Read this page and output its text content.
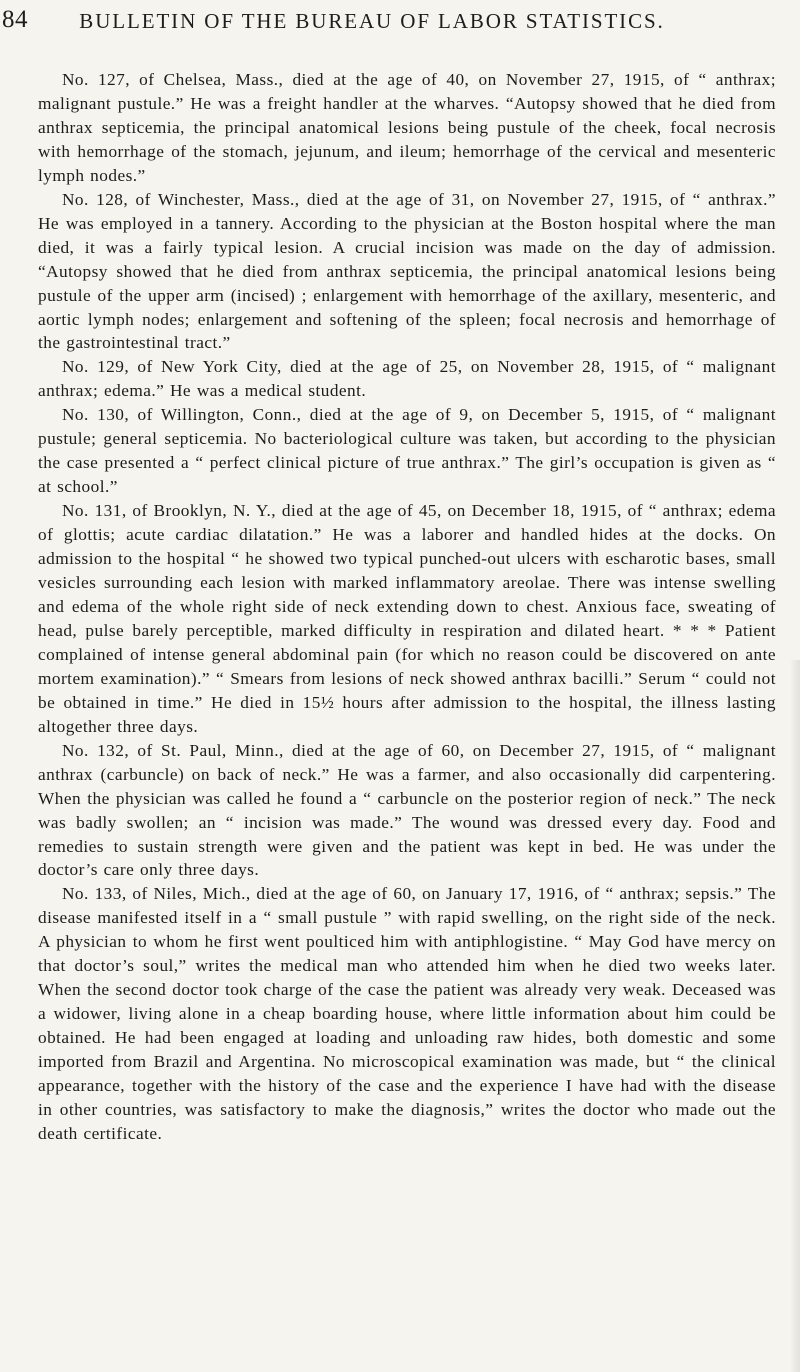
84	BULLETIN OF THE BUREAU OF LABOR STATISTICS.

No. 127, of Chelsea, Mass., died at the age of 40, on November 27, 1915, of “ anthrax; malignant pustule.” He was a freight handler at the wharves. “Autopsy showed that he died from anthrax septicemia, the principal anatomical lesions being pustule of the cheek, focal necrosis with hemorrhage of the stomach, jejunum, and ileum; hemorrhage of the cervical and mesenteric lymph nodes.”

No. 128, of Winchester, Mass., died at the age of 31, on November 27, 1915, of “ anthrax.” He was employed in a tannery. According to the physician at the Boston hospital where the man died, it was a fairly typical lesion. A crucial incision was made on the day of admission. “Autopsy showed that he died from anthrax septicemia, the principal anatomical lesions being pustule of the upper arm (incised) ; enlargement with hemorrhage of the axillary, mesenteric, and aortic lymph nodes; enlargement and softening of the spleen; focal necrosis and hemorrhage of the gastrointestinal tract.”

No. 129, of New York City, died at the age of 25, on November 28, 1915, of “ malignant anthrax; edema.” He was a medical student.

No. 130, of Willington, Conn., died at the age of 9, on December 5, 1915, of “ malignant pustule; general septicemia. No bacteriological culture was taken, but according to the physician the case presented a “ perfect clinical picture of true anthrax.” The girl’s occupation is given as “ at school.”

No. 131, of Brooklyn, N. Y., died at the age of 45, on December 18, 1915, of “ anthrax; edema of glottis; acute cardiac dilatation.” He was a laborer and handled hides at the docks. On admission to the hospital “ he showed two typical punched-out ulcers with escharotic bases, small vesicles surrounding each lesion with marked inflammatory areolae. There was intense swelling and edema of the whole right side of neck extending down to chest. Anxious face, sweating of head, pulse barely perceptible, marked difficulty in respiration and dilated heart. * * * Patient complained of intense general abdominal pain (for which no reason could be discovered on ante mortem examination).” “ Smears from lesions of neck showed anthrax bacilli.” Serum “ could not be obtained in time.” He died in 15½ hours after admission to the hospital, the illness lasting altogether three days.

No. 132, of St. Paul, Minn., died at the age of 60, on December 27, 1915, of “ malignant anthrax (carbuncle) on back of neck.” He was a farmer, and also occasionally did carpentering. When the physician was called he found a “ carbuncle on the posterior region of neck.” The neck was badly swollen; an “ incision was made.” The wound was dressed every day. Food and remedies to sustain strength were given and the patient was kept in bed. He was under the doctor’s care only three days.

No. 133, of Niles, Mich., died at the age of 60, on January 17, 1916, of “ anthrax; sepsis.” The disease manifested itself in a “ small pustule ” with rapid swelling, on the right side of the neck. A physician to whom he first went poulticed him with antiphlogistine. “ May God have mercy on that doctor’s soul,” writes the medical man who attended him when he died two weeks later. When the second doctor took charge of the case the patient was already very weak. Deceased was a widower, living alone in a cheap boarding house, where little information about him could be obtained. He had been engaged at loading and unloading raw hides, both domestic and some imported from Brazil and Argentina. No microscopical examination was made, but “ the clinical appearance, together with the history of the case and the experience I have had with the disease in other countries, was satisfactory to make the diagnosis,” writes the doctor who made out the death certificate.
